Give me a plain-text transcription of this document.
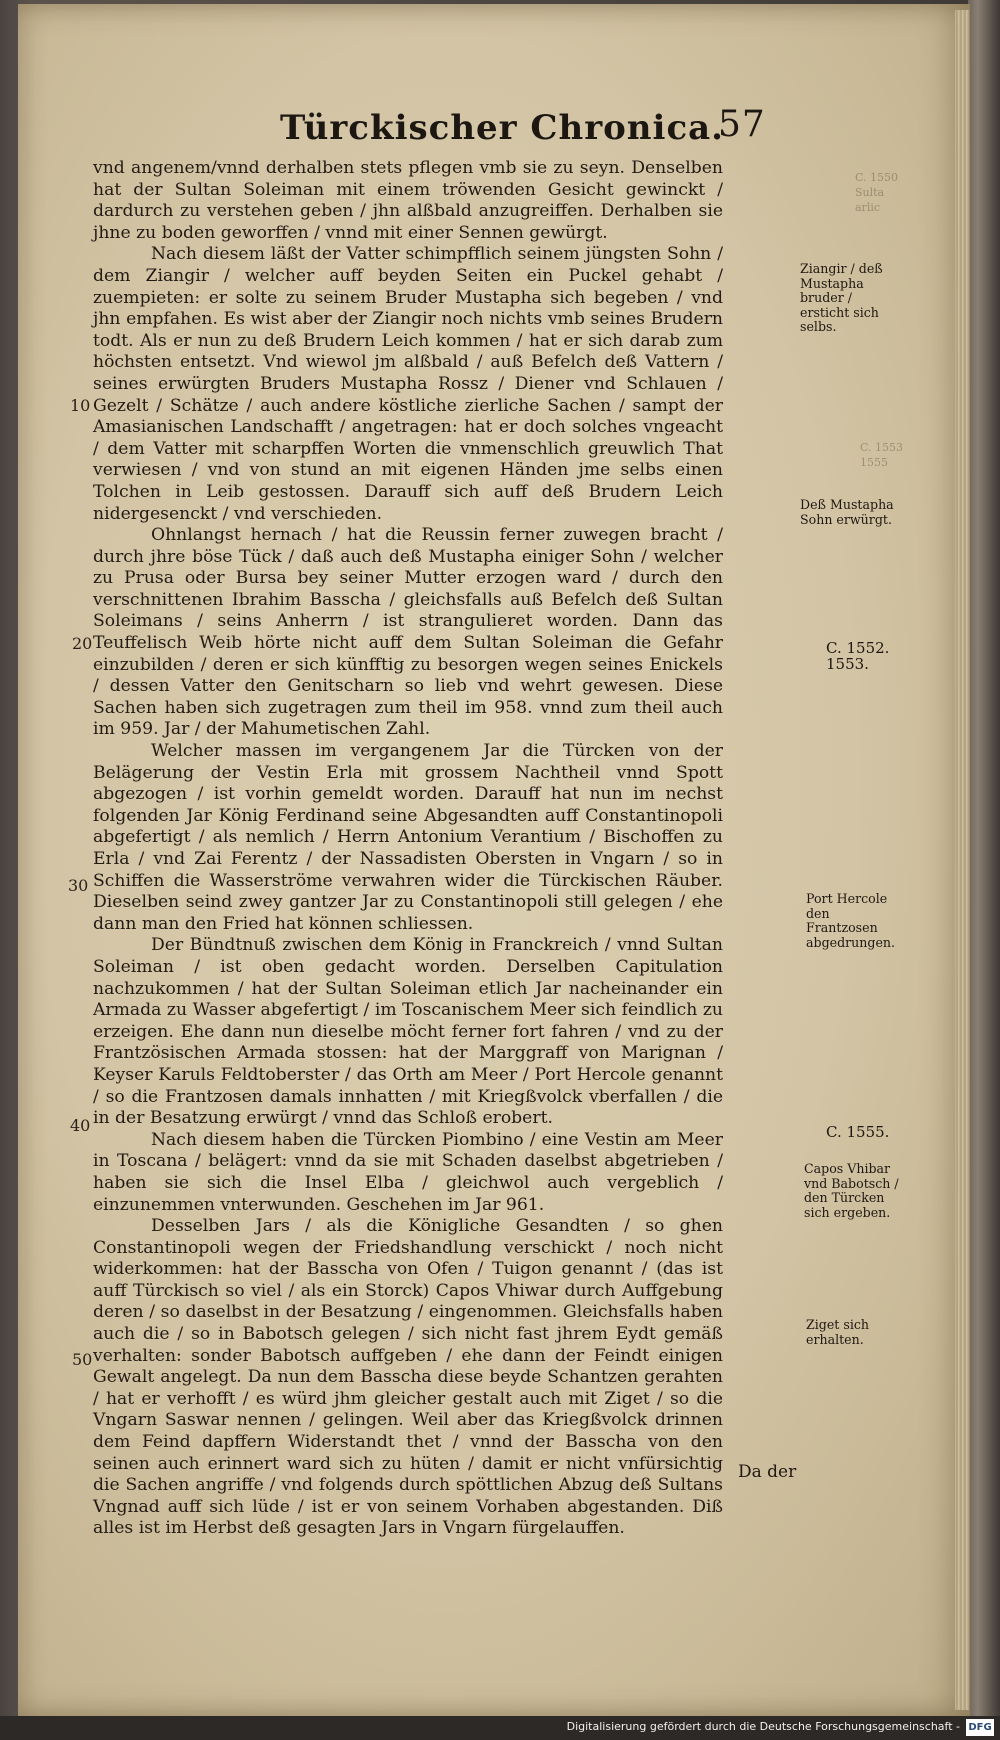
C. 1550
Sulta
arlic
C. 1553
1555
Türckischer Chronica.
57

vnd angenem/vnnd derhalben stets pflegen vmb sie zu seyn. Denselben hat der Sultan Soleiman mit einem tröwenden Gesicht gewinckt / dardurch zu verstehen geben / jhn alßbald anzugreiffen. Derhalben sie jhne zu boden geworffen / vnnd mit einer Sennen gewürgt.

Nach diesem läßt der Vatter schimpfflich seinem jüngsten Sohn / dem Ziangir / welcher auff beyden Seiten ein Puckel gehabt / zuempieten: er solte zu seinem Bruder Mustapha sich begeben / vnd jhn empfahen. Es wist aber der Ziangir noch nichts vmb seines Brudern todt. Als er nun zu deß Brudern Leich kommen / hat er sich darab zum höchsten entsetzt. Vnd wiewol jm alßbald / auß Befelch deß Vattern / seines erwürgten Bruders Mustapha Rossz / Diener vnd Schlauen / Gezelt / Schätze / auch andere köstliche zierliche Sachen / sampt der Amasianischen Landschafft / angetragen: hat er doch solches vngeacht / dem Vatter mit scharpffen Worten die vnmenschlich greuwlich That verwiesen / vnd von stund an mit eigenen Händen jme selbs einen Tolchen in Leib gestossen. Darauff sich auff deß Brudern Leich nidergesenckt / vnd verschieden.

Ohnlangst hernach / hat die Reussin ferner zuwegen bracht / durch jhre böse Tück / daß auch deß Mustapha einiger Sohn / welcher zu Prusa oder Bursa bey seiner Mutter erzogen ward / durch den verschnittenen Ibrahim Basscha / gleichsfalls auß Befelch deß Sultan Soleimans / seins Anherrn / ist strangulieret worden. Dann das Teuffelisch Weib hörte nicht auff dem Sultan Soleiman die Gefahr einzubilden / deren er sich künfftig zu besorgen wegen seines Enickels / dessen Vatter den Genitscharn so lieb vnd wehrt gewesen. Diese Sachen haben sich zugetragen zum theil im 958. vnnd zum theil auch im 959. Jar / der Mahumetischen Zahl.

Welcher massen im vergangenem Jar die Türcken von der Belägerung der Vestin Erla mit grossem Nachtheil vnnd Spott abgezogen / ist vorhin gemeldt worden. Darauff hat nun im nechst folgenden Jar König Ferdinand seine Abgesandten auff Constantinopoli abgefertigt / als nemlich / Herrn Antonium Verantium / Bischoffen zu Erla / vnd Zai Ferentz / der Nassadisten Obersten in Vngarn / so in Schiffen die Wasserströme verwahren wider die Türckischen Räuber. Dieselben seind zwey gantzer Jar zu Constantinopoli still gelegen / ehe dann man den Fried hat können schliessen.

Der Bündtnuß zwischen dem König in Franckreich / vnnd Sultan Soleiman / ist oben gedacht worden. Derselben Capitulation nachzukommen / hat der Sultan Soleiman etlich Jar nacheinander ein Armada zu Wasser abgefertigt / im Toscanischem Meer sich feindlich zu erzeigen. Ehe dann nun dieselbe möcht ferner fort fahren / vnd zu der Frantzösischen Armada stossen: hat der Marggraff von Marignan / Keyser Karuls Feldtoberster / das Orth am Meer / Port Hercole genannt / so die Frantzosen damals innhatten / mit Kriegßvolck vberfallen / die in der Besatzung erwürgt / vnnd das Schloß erobert.

Nach diesem haben die Türcken Piombino / eine Vestin am Meer in Toscana / belägert: vnnd da sie mit Schaden daselbst abgetrieben / haben sie sich die Insel Elba / gleichwol auch vergeblich / einzunemmen vnterwunden. Geschehen im Jar 961.

Desselben Jars / als die Königliche Gesandten / so ghen Constantinopoli wegen der Friedshandlung verschickt / noch nicht widerkommen: hat der Basscha von Ofen / Tuigon genannt / (das ist auff Türckisch so viel / als ein Storck) Capos Vhiwar durch Auffgebung deren / so daselbst in der Besatzung / eingenommen. Gleichsfalls haben auch die / so in Babotsch gelegen / sich nicht fast jhrem Eydt gemäß verhalten: sonder Babotsch auffgeben / ehe dann der Feindt einigen Gewalt angelegt. Da nun dem Basscha diese beyde Schantzen gerahten / hat er verhofft / es würd jhm gleicher gestalt auch mit Ziget / so die Vngarn Saswar nennen / gelingen. Weil aber das Kriegßvolck drinnen dem Feind dapffern Widerstandt thet / vnnd der Basscha von den seinen auch erinnert ward sich zu hüten / damit er nicht vnfürsichtig die Sachen angriffe / vnd folgends durch spöttlichen Abzug deß Sultans Vngnad auff sich lüde / ist er von seinem Vorhaben abgestanden. Diß alles ist im Herbst deß gesagten Jars in Vngarn fürgelauffen.

10
20
30
40
50
Ziangir / deß Mustapha bruder / ersticht sich selbs.
Deß Mustapha Sohn erwürgt.
C. 1552. 1553.
Port Hercole den Frantzosen abgedrungen.
C. 1555.
Capos Vhibar vnd Babotsch / den Türcken sich ergeben.
Ziget sich erhalten.
Da der
Digitalisierung gefördert durch die Deutsche Forschungsgemeinschaft - DFG
